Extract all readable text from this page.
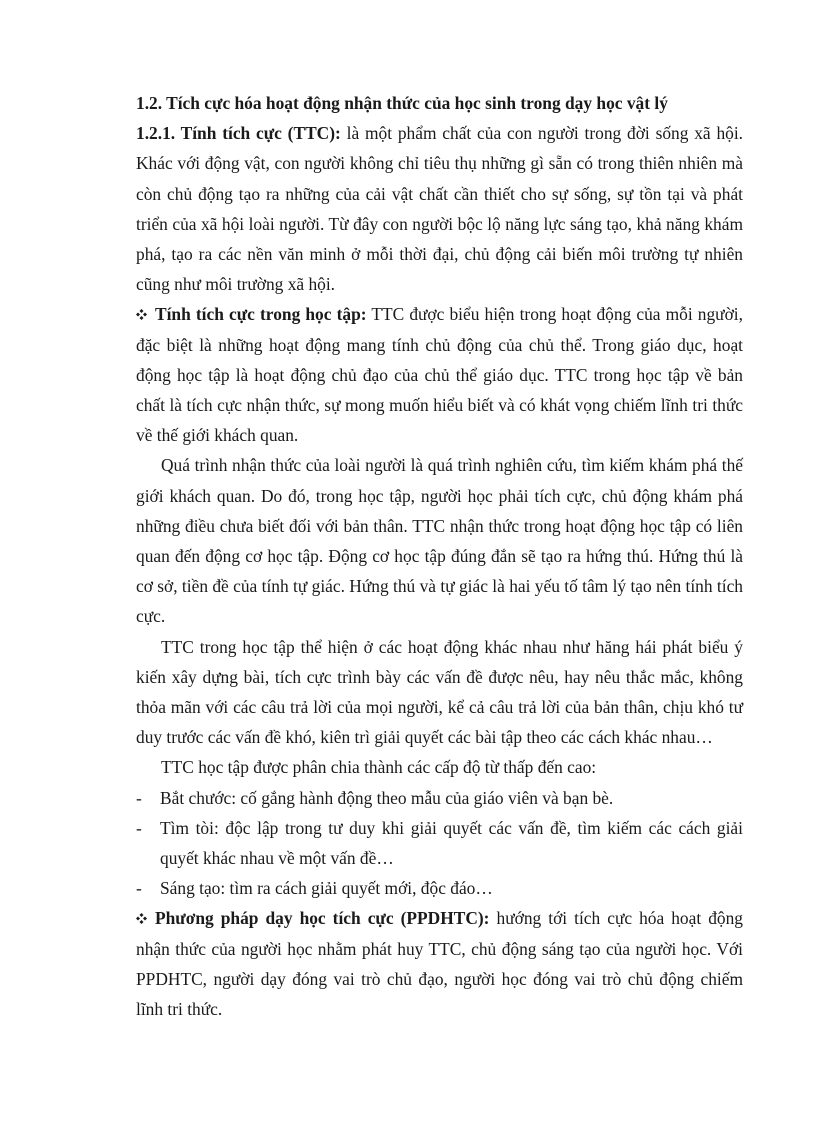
1.2. Tích cực hóa hoạt động nhận thức của học sinh trong dạy học vật lý

1.2.1. Tính tích cực (TTC): là một phẩm chất của con người trong đời sống xã hội. Khác với động vật, con người không chỉ tiêu thụ những gì sẵn có trong thiên nhiên mà còn chủ động tạo ra những của cải vật chất cần thiết cho sự sống, sự tồn tại và phát triển của xã hội loài người. Từ đây con người bộc lộ năng lực sáng tạo, khả năng khám phá, tạo ra các nền văn minh ở mỗi thời đại, chủ động cải biến môi trường tự nhiên cũng như môi trường xã hội.

Tính tích cực trong học tập: TTC được biểu hiện trong hoạt động của mỗi người, đặc biệt là những hoạt động mang tính chủ động của chủ thể. Trong giáo dục, hoạt động học tập là hoạt động chủ đạo của chủ thể giáo dục. TTC trong học tập về bản chất là tích cực nhận thức, sự mong muốn hiểu biết và có khát vọng chiếm lĩnh tri thức về thế giới khách quan.

Quá trình nhận thức của loài người là quá trình nghiên cứu, tìm kiếm khám phá thế giới khách quan. Do đó, trong học tập, người học phải tích cực, chủ động khám phá những điều chưa biết đối với bản thân. TTC nhận thức trong hoạt động học tập có liên quan đến động cơ học tập. Động cơ học tập đúng đắn sẽ tạo ra hứng thú. Hứng thú là cơ sở, tiền đề của tính tự giác. Hứng thú và tự giác là hai yếu tố tâm lý tạo nên tính tích cực.

TTC trong học tập thể hiện ở các hoạt động khác nhau như hăng hái phát biểu ý kiến xây dựng bài, tích cực trình bày các vấn đề được nêu, hay nêu thắc mắc, không thỏa mãn với các câu trả lời của mọi người, kể cả câu trả lời của bản thân, chịu khó tư duy trước các vấn đề khó, kiên trì giải quyết các bài tập theo các cách khác nhau…

TTC học tập được phân chia thành các cấp độ từ thấp đến cao:

-	Bắt chước: cố gắng hành động theo mẫu của giáo viên và bạn bè.
-	Tìm tòi: độc lập trong tư duy khi giải quyết các vấn đề, tìm kiếm các cách giải quyết khác nhau về một vấn đề…
-	Sáng tạo: tìm ra cách giải quyết mới, độc đáo…

Phương pháp dạy học tích cực (PPDHTC): hướng tới tích cực hóa hoạt động nhận thức của người học nhằm phát huy TTC, chủ động sáng tạo của người học. Với PPDHTC, người dạy đóng vai trò chủ đạo, người học đóng vai trò chủ động chiếm lĩnh tri thức.
